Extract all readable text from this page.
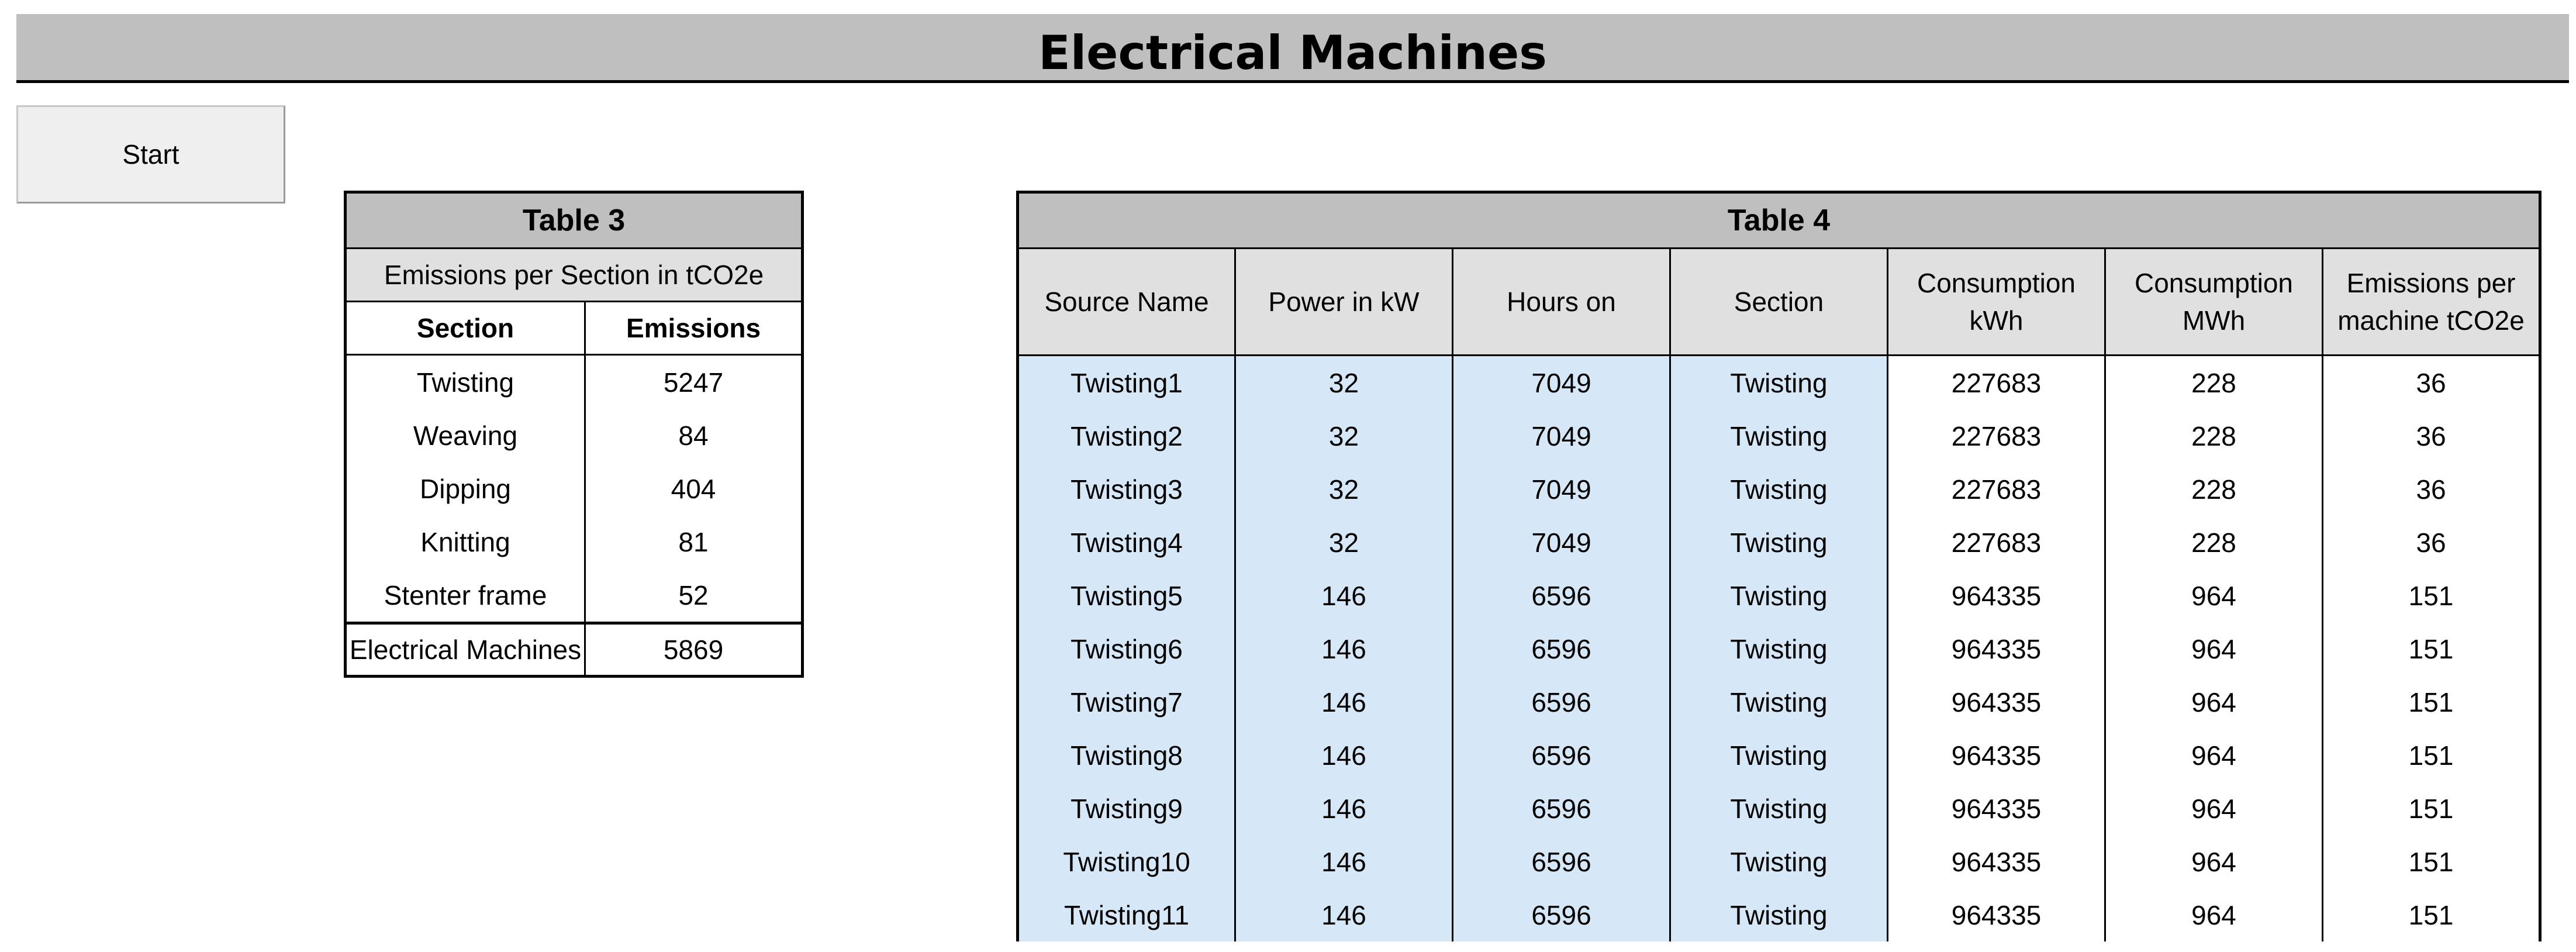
Electrical Machines
Start
Table 3	
Emissions per Section in tCO2e	
Section	Emissions
Twisting	5247
Weaving	84
Dipping	404
Knitting	81
Stenter frame	52
Electrical Machines	5869
Table 4						
Source Name	Power in kW	Hours on	Section	Consumption kWh	Consumption MWh	Emissions per machine tCO2e
Twisting1	32	7049	Twisting	227683	228	36
Twisting2	32	7049	Twisting	227683	228	36
Twisting3	32	7049	Twisting	227683	228	36
Twisting4	32	7049	Twisting	227683	228	36
Twisting5	146	6596	Twisting	964335	964	151
Twisting6	146	6596	Twisting	964335	964	151
Twisting7	146	6596	Twisting	964335	964	151
Twisting8	146	6596	Twisting	964335	964	151
Twisting9	146	6596	Twisting	964335	964	151
Twisting10	146	6596	Twisting	964335	964	151
Twisting11	146	6596	Twisting	964335	964	151
